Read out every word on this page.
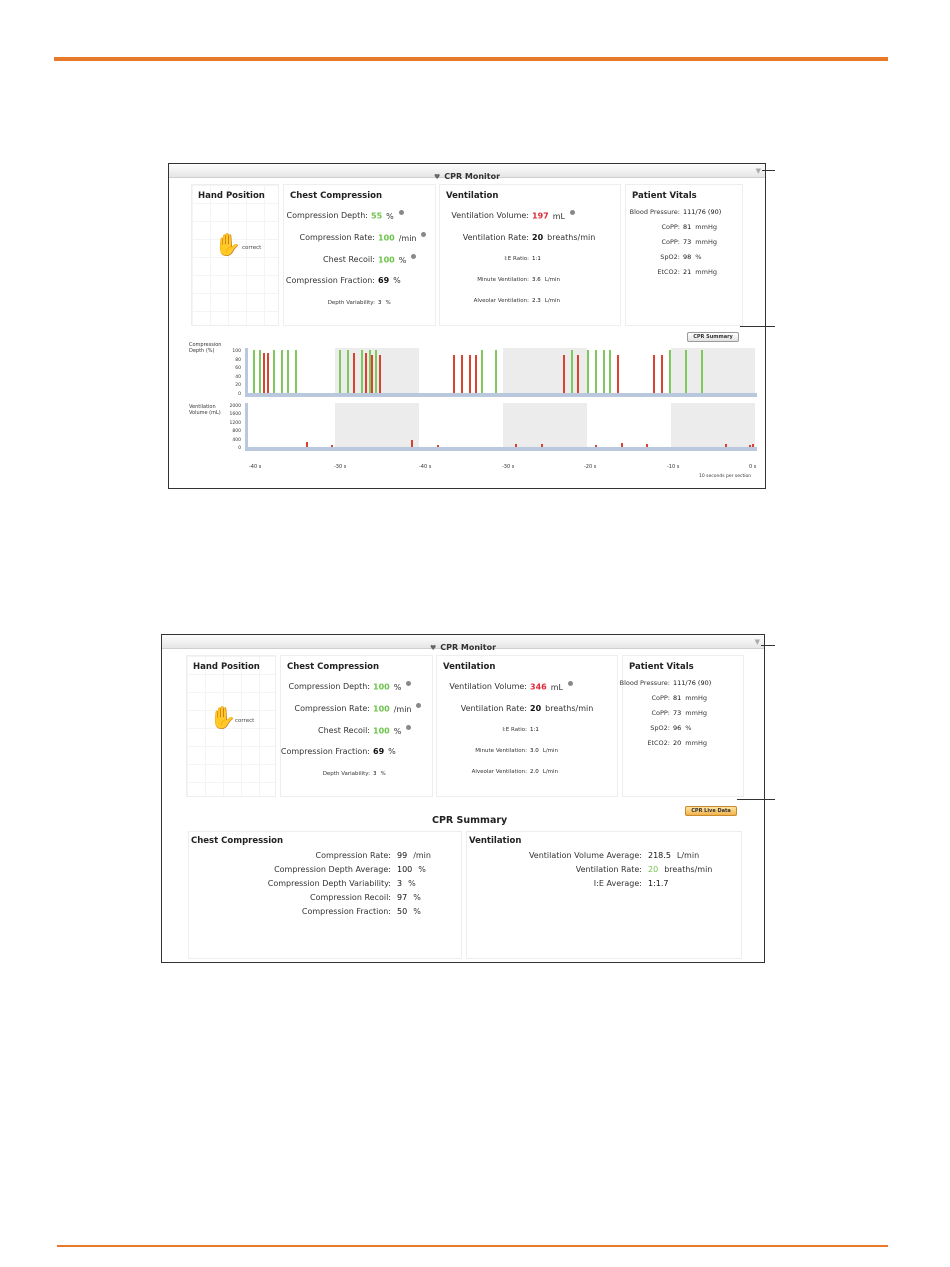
♥ CPR Monitor
▼
Hand Position
✋ correct
Chest Compression
Compression Depth: 55 %
Compression Rate: 100 /min
Chest Recoil: 100 %
Compression Fraction: 69 %
Depth Variability: 3 %
Ventilation
Ventilation Volume: 197 mL
Ventilation Rate: 20 breaths/min
I:E Ratio: 1:1
Minute Ventilation: 3.6 L/min
Alveolar Ventilation: 2.3 L/min
Patient Vitals
Blood Pressure: 111/76 (90)
CoPP: 81 mmHg
CoPP: 73 mmHg
SpO2: 98 %
EtCO2: 21 mmHg
CPR Summary
Compression Depth (%)
Ventilation Volume (mL)
10 seconds per section
100
80
60
40
20
0
2000
1600
1200
800
400
0
-40 s	-30 s	-40 s	-30 s	-20 s	-10 s	0 s
♥ CPR Monitor
▼
Hand Position
✋
correct
Chest Compression
Compression Depth: 100 %
Compression Rate: 100 /min
Chest Recoil: 100 %
Compression Fraction: 69 %
Depth Variability: 3 %
Ventilation
Ventilation Volume: 346 mL
Ventilation Rate: 20 breaths/min
I:E Ratio: 1:1
Minute Ventilation: 3.0 L/min
Alveolar Ventilation: 2.0 L/min
Patient Vitals
Blood Pressure: 111/76 (90)
CoPP: 81 mmHg
CoPP: 73 mmHg
SpO2: 96 %
EtCO2: 20 mmHg
CPR Live Data
CPR Summary
Chest Compression
Compression Rate: 99 /min
Compression Depth Average: 100 %
Compression Depth Variability: 3 %
Compression Recoil: 97 %
Compression Fraction: 50 %
Ventilation
Ventilation Volume Average: 218.5 L/min
Ventilation Rate: 20 breaths/min
I:E Average: 1:1.7
